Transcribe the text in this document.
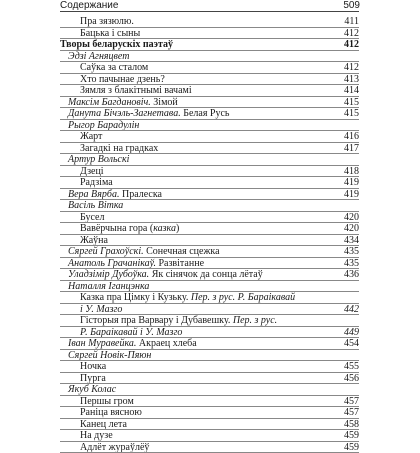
Содержание	509
Пра зязюлю.	411
Бацька і сыны	412
Творы беларускіх паэтаў	412
Эдзі Агняцвет
Саўка за сталом	412
Хто пачынае дзень?	413
Зямля з блакітнымі вачамі	414
Максім Багдановіч. Зімой	415
Данута Бічэль-Загнетава. Белая Русь	415
Рыгор Барадулін
Жарт	416
Загадкі на градках	417
Артур Вольскі
Дзеці	418
Радзіма	419
Вера Вярба. Пралеска	419
Васіль Вітка
Бусел	420
Вавёрчына гора (казка)	420
Жаўна	434
Сяргей Грахоўскі. Сонечная сцежка	435
Анатоль Грачанікаў. Развітанне	435
Уладзімір Дубоўка. Як сінячок да сонца лётаў	436
Наталля Іганцэнка
Казка пра Цімку і Кузьку. Пер. з рус. Р. Бараікавай
і У. Мазго	442
Гісторыя пра Варвару і Дубавешку. Пер. з рус.
Р. Бараікавай і У. Мазго	449
Іван Муравейка. Акраец хлеба	454
Сяргей Новік-Пяюн
Ночка	455
Пурга	456
Якуб Колас
Першы гром	457
Раніца вясною	457
Канец лета	458
На дузе	459
Адлёт жураўлёў	459
